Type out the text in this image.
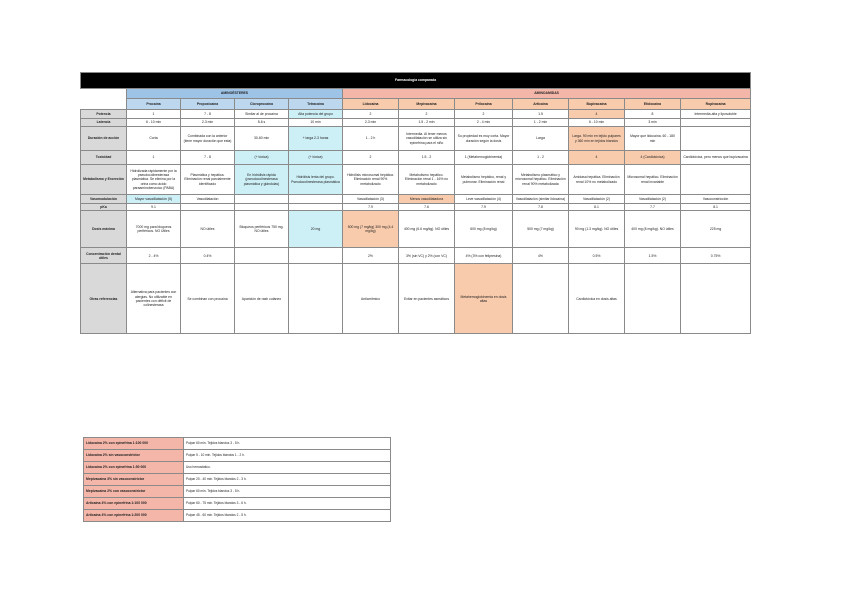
Farmacología comparada											
	AMINOÉSTERES				AMINOAMIDAS						
	Procaína	Propoxicaína	Cloroprocaína	Tetracaína	Lidocaína	Mepivacaína	Prilocaína	Articaína	Bupivacaína	Etidocaína	Ropivacaína
Potencia	1	7 - 8	Similar al de procaína	Alta potencia del grupo	2	2	2	1.5	4	8	Intermedia-alta y liposoluble
Latencia	6 - 10 min	2-3 min	5-6 s	10 min	2-3 min	1.5 - 2 min	2 - 4 min	1 - 2 min	6 - 10 min	3 min	
Duración de acción	Corta	Combinada con la anterior (tiene mayor duración que esta)	30-60 min	+ larga 2-3 horas	1 - 2 h	Intermedia. Al tener menos vasodilatación se utiliza sin epinefrina para el niño	Su propiedad es muy corta. Mayor duración según la dosis	Larga	Larga. 90 min en tejido pulpares y 360 min en tejidos blandos	Mayor que lidocaína. 60 - 180 min	
Toxicidad	1	7 - 8	(+ tóxica)	(+ tóxica)	2	1.5 - 2	1 (Metahemoglobinemia)	1 - 2	4	4 (Cardiotóxica)	Cardiotóxica, pero menos que bupivacaína
Metabolismo y Excreción	Hidrolizada rápidamente por la pseudocolinesterasa plasmática. Se elimina por la orina como ácido paraaminobenzoico (PABA)	Plasmática y hepática. Eliminación renal parcialmente identificado	En hidrólisis rápida (pseudocolinesterasa plasmática y glándulas)	Hidrólisis lenta del grupo. Pseudocolinesterasa plasmática	Hidrólisis microsomal hepática. Eliminación renal 90% metabolizado	Metabolismo hepático. Eliminación renal 1 - 16% no metabolizado	Metabolismo hepático, renal y pulmonar. Eliminación renal	Metabolismo plasmático y microsomal hepático. Eliminación renal 90% metabolizada	Amidasa hepática. Eliminación renal 10% no metabolizado	Microsomal hepático. Eliminación renal invariable	
Vasomodulación	Mayor vasodilatación (5)	Vasodilatación			Vasodilatación (3)	Menos vasodilatadora	Leve vasodilatación (4)	Vasodilatación (similar lidocaína)	Vasodilatación (2)	Vasodilatación (2)	Vasoconstricción
pKa	9.1				7.9	7.6	7.9	7.8	8.1	7.7	8.1
Dosis máxima	7000 mg para bloqueos periféricos. NO Útiles	NO útiles	Bloqueos periféricos 750 mg. NO útiles	20 mg	500 mg (7 mg/kg) 300 mg (4.4 mg/kg)	400 mg (6.6 mg/kg). NO útiles	600 mg (8 mg/kg)	500 mg (7 mg/kg)	90 mg (1.3 mg/kg). NO útiles	400 mg (8 mg/kg). NO útiles	225 mg
Concentración dental útiles	2 - 4%	0.4%			2%	3% (sin VC) y 2% (con VC)	4% (3% con felipresina)	4%	0.5%	1.5%	0.75%
Otras referencias	Alternativa para pacientes con alergias. No utilizable en pacientes con déficit de colinesterasa	Se combinan con procaína	Aparición de rash cutáneo		Antiarrítmico	Evitar en pacientes asmáticos	Metahemoglobinemia en dosis altas		Cardiotóxica en dosis altas		
Lidocaína 2% con epinefrina 1:100 000	Pulpar 60 min. Tejidos blandos 3 - 5 h.
Lidocaína 2% sin vasoconstrictor	Pulpar 5 - 10 min. Tejidos blandos 1 - 2 h.
Lidocaína 2% con epinefrina 1:50 000	Uso hemostático.
Mepivacaína 3% sin vasoconstrictor	Pulpar 20 - 40 min. Tejidos blandos 2 - 3 h.
Mepivacaína 2% con vasoconstrictor	Pulpar 60 min. Tejidos blandos 3 - 5 h.
Articaína 4% con epinefrina 1:100 000	Pulpar 60 - 75 min. Tejidos blandos 3 - 6 h.
Articaína 4% con epinefrina 1:200 000	Pulpar 45 - 60 min. Tejidos blandos 2 - 5 h.
